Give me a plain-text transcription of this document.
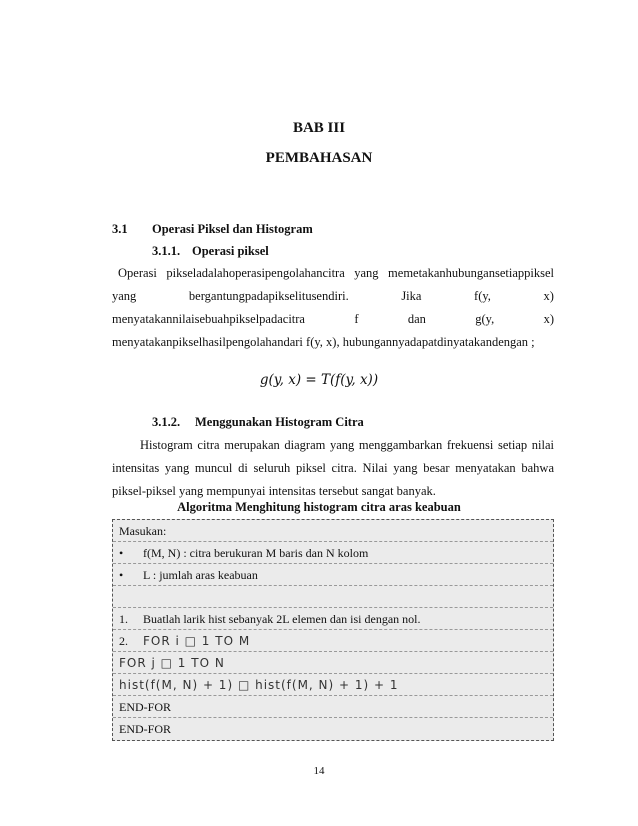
BAB III
PEMBAHASAN
3.1 Operasi Piksel dan Histogram
3.1.1. Operasi piksel
Operasi pikseladalahoperasipengolahancitra yang memetakanhubungansetiappiksel
yang	bergantungpadapikselitusendiri.	Jika	f(y,	x)
menyatakannilaisebuahpikselpadacitra	f	dan	g(y,	x)
menyatakanpikselhasilpengolahandari f(y, x), hubungannyadapatdinyatakandengan ;
g(y, x) = T(f(y, x))
3.1.2. Menggunakan Histogram Citra
Histogram citra merupakan diagram yang menggambarkan frekuensi setiap nilai
intensitas yang muncul di seluruh piksel citra. Nilai yang besar menyatakan bahwa
piksel-piksel yang mempunyai intensitas tersebut sangat banyak.
Algoritma Menghitung histogram citra aras keabuan
Masukan:
• f(M, N) : citra berukuran M baris dan N kolom
• L : jumlah aras keabuan
1. Buatlah larik hist sebanyak 2L elemen dan isi dengan nol.
2. FOR i □ 1 TO M
FOR j □ 1 TO N
hist(f(M, N) + 1) □ hist(f(M, N) + 1) + 1
END-FOR
END-FOR
14
